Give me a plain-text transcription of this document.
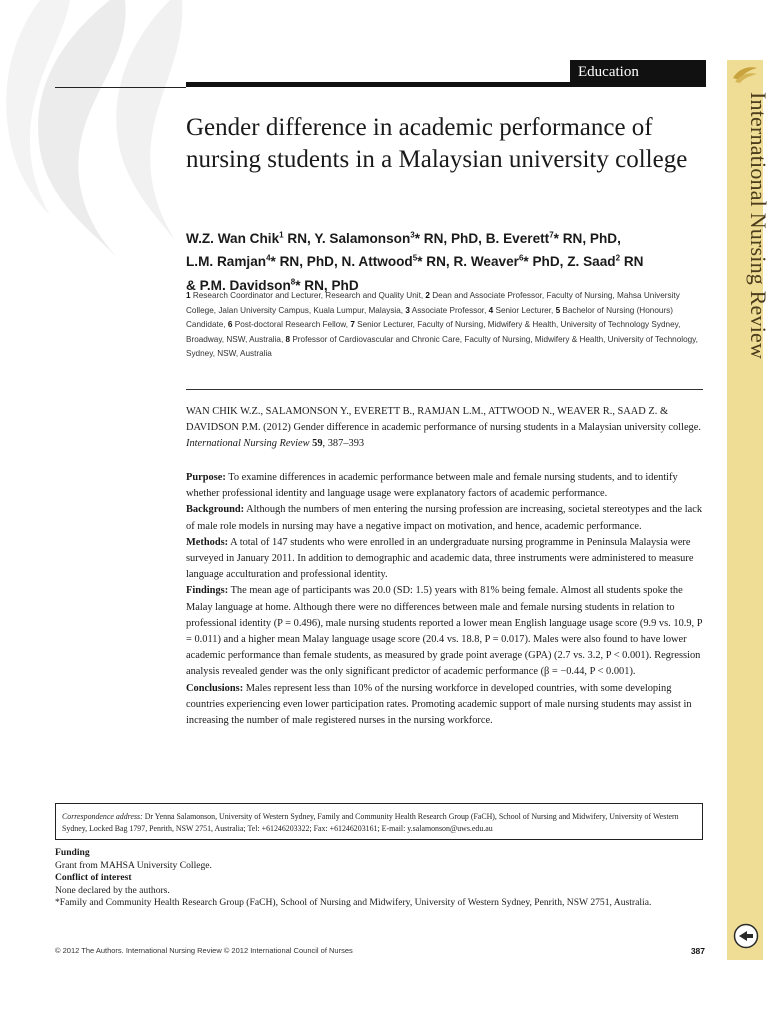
Education
International Nursing Review
Gender difference in academic performance of nursing students in a Malaysian university college
W.Z. Wan Chik$^1$ RN, Y. Salamonson$^3$* RN, PhD, B. Everett$^7$* RN, PhD,
L.M. Ramjan$^4$* RN, PhD, N. Attwood$^5$* RN, R. Weaver$^6$* PhD, Z. Saad$^2$ RN
& P.M. Davidson$^8$* RN, PhD
1 Research Coordinator and Lecturer, Research and Quality Unit, 2 Dean and Associate Professor, Faculty of Nursing, Mahsa University College, Jalan University Campus, Kuala Lumpur, Malaysia, 3 Associate Professor, 4 Senior Lecturer, 5 Bachelor of Nursing (Honours) Candidate, 6 Post-doctoral Research Fellow, 7 Senior Lecturer, Faculty of Nursing, Midwifery & Health, University of Technology Sydney, Broadway, NSW, Australia, 8 Professor of Cardiovascular and Chronic Care, Faculty of Nursing, Midwifery & Health, University of Technology, Sydney, NSW, Australia
WAN CHIK W.Z., SALAMONSON Y., EVERETT B., RAMJAN L.M., ATTWOOD N., WEAVER R., SAAD Z. & DAVIDSON P.M. (2012) Gender difference in academic performance of nursing students in a Malaysian university college. International Nursing Review 59, 387–393

Purpose: To examine differences in academic performance between male and female nursing students, and to identify whether professional identity and language usage were explanatory factors of academic performance.

Background: Although the numbers of men entering the nursing profession are increasing, societal stereotypes and the lack of male role models in nursing may have a negative impact on motivation, and hence, academic performance.

Methods: A total of 147 students who were enrolled in an undergraduate nursing programme in Peninsula Malaysia were surveyed in January 2011. In addition to demographic and academic data, three instruments were administered to measure language acculturation and professional identity.

Findings: The mean age of participants was 20.0 (SD: 1.5) years with 81% being female. Almost all students spoke the Malay language at home. Although there were no differences between male and female nursing students in relation to professional identity (P = 0.496), male nursing students reported a lower mean English language usage score (9.9 vs. 10.9, P = 0.011) and a higher mean Malay language usage score (20.4 vs. 18.8, P = 0.017). Males were also found to have lower academic performance than female students, as measured by grade point average (GPA) (2.7 vs. 3.2, P < 0.001). Regression analysis revealed gender was the only significant predictor of academic performance (β = −0.44, P < 0.001).

Conclusions: Males represent less than 10% of the nursing workforce in developed countries, with some developing countries experiencing even lower participation rates. Promoting academic support of male nursing students may assist in increasing the number of male registered nurses in the nursing workforce.

Correspondence address: Dr Yenna Salamonson, University of Western Sydney, Family and Community Health Research Group (FaCH), School of Nursing and Midwifery, University of Western Sydney, Locked Bag 1797, Penrith, NSW 2751, Australia; Tel: +61246203322; Fax: +61246203161; E-mail: y.salamonson@uws.edu.au
Funding
Grant from MAHSA University College.
Conflict of interest
None declared by the authors.
*Family and Community Health Research Group (FaCH), School of Nursing and Midwifery, University of Western Sydney, Penrith, NSW 2751, Australia.
© 2012 The Authors. International Nursing Review © 2012 International Council of Nurses	387
